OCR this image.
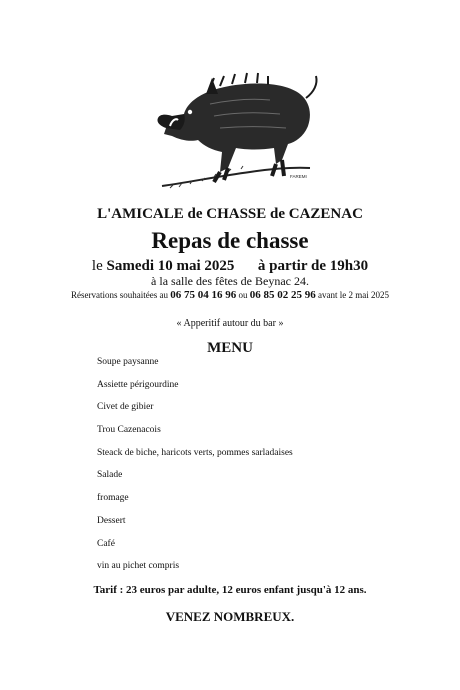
FAREMI
L'AMICALE de CHASSE de CAZENAC
Repas de chasse
le Samedi 10 mai 2025 à partir de 19h30
à la salle des fêtes de Beynac 24.
Réservations souhaitées au 06 75 04 16 96 ou 06 85 02 25 96 avant le 2 mai 2025
« Apperitif autour du bar »
MENU
Soupe paysanne
Assiette périgourdine
Civet de gibier
Trou Cazenacois
Steack de biche, haricots verts, pommes sarladaises
Salade
fromage
Dessert
Café
vin au pichet compris
Tarif : 23 euros par adulte, 12 euros enfant jusqu'à 12 ans.
VENEZ NOMBREUX.
